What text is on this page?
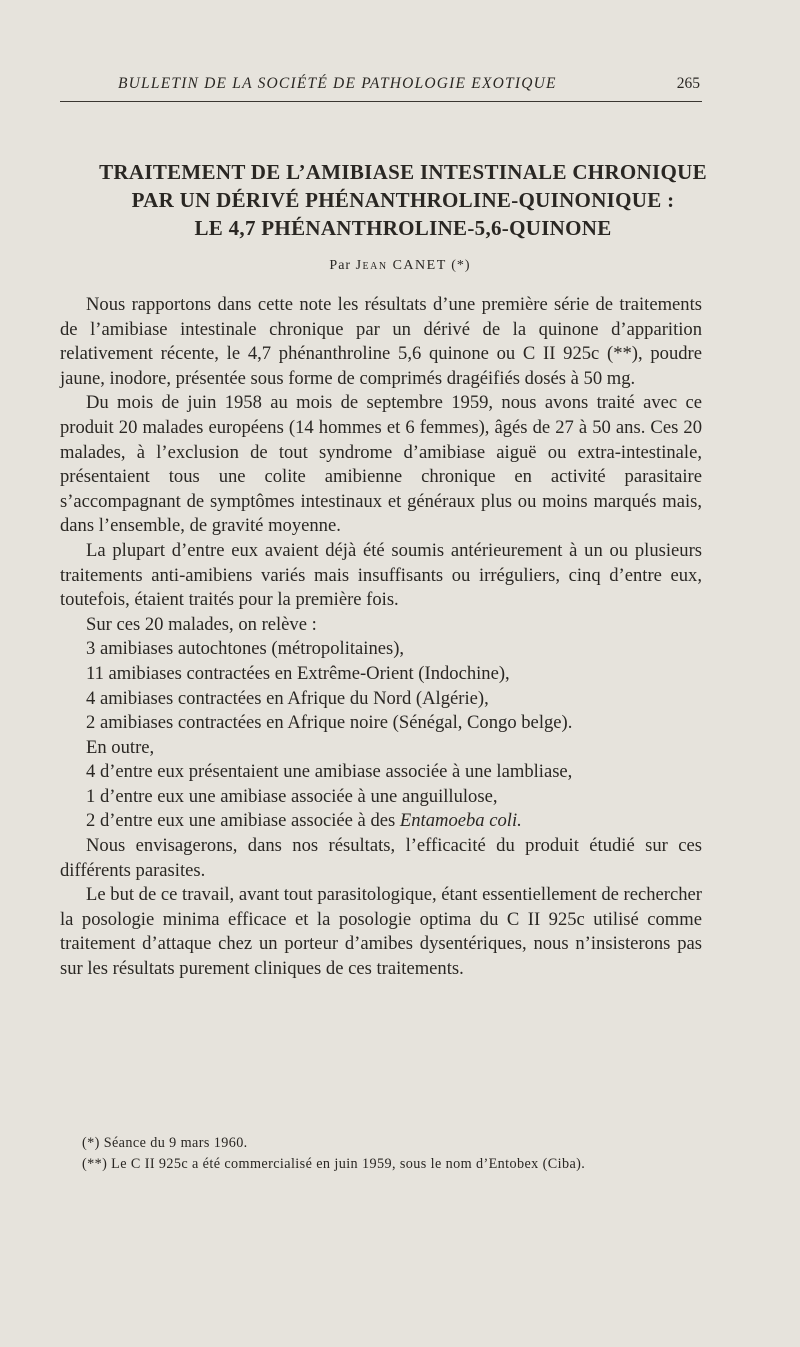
BULLETIN DE LA SOCIÉTÉ DE PATHOLOGIE EXOTIQUE	265
TRAITEMENT DE L’AMIBIASE INTESTINALE CHRONIQUE
PAR UN DÉRIVÉ PHÉNANTHROLINE-QUINONIQUE :
LE 4,7 PHÉNANTHROLINE-5,6-QUINONE
Par Jean CANET (*)

Nous rapportons dans cette note les résultats d’une première série de traitements de l’amibiase intestinale chronique par un dérivé de la quinone d’apparition relativement récente, le 4,7 phénanthroline 5,6 quinone ou C II 925c (**), poudre jaune, inodore, présentée sous forme de comprimés dragéifiés dosés à 50 mg.

Du mois de juin 1958 au mois de septembre 1959, nous avons traité avec ce produit 20 malades européens (14 hommes et 6 femmes), âgés de 27 à 50 ans. Ces 20 malades, à l’exclusion de tout syndrome d’amibiase aiguë ou extra-intestinale, présentaient tous une colite amibienne chronique en activité parasitaire s’accompagnant de symptômes intestinaux et généraux plus ou moins marqués mais, dans l’ensemble, de gravité moyenne.

La plupart d’entre eux avaient déjà été soumis antérieurement à un ou plusieurs traitements anti-amibiens variés mais insuffisants ou irréguliers, cinq d’entre eux, toutefois, étaient traités pour la première fois.

Sur ces 20 malades, on relève :

3 amibiases autochtones (métropolitaines),
11 amibiases contractées en Extrême-Orient (Indochine),
4 amibiases contractées en Afrique du Nord (Algérie),
2 amibiases contractées en Afrique noire (Sénégal, Congo belge).

En outre,

4 d’entre eux présentaient une amibiase associée à une lambliase,
1 d’entre eux une amibiase associée à une anguillulose,
2 d’entre eux une amibiase associée à des Entamoeba coli.

Nous envisagerons, dans nos résultats, l’efficacité du produit étudié sur ces différents parasites.

Le but de ce travail, avant tout parasitologique, étant essentiellement de rechercher la posologie minima efficace et la posologie optima du C II 925c utilisé comme traitement d’attaque chez un porteur d’amibes dysentériques, nous n’insisterons pas sur les résultats purement cliniques de ces traitements.

(*) Séance du 9 mars 1960.

(**) Le C II 925c a été commercialisé en juin 1959, sous le nom d’Entobex (Ciba).
